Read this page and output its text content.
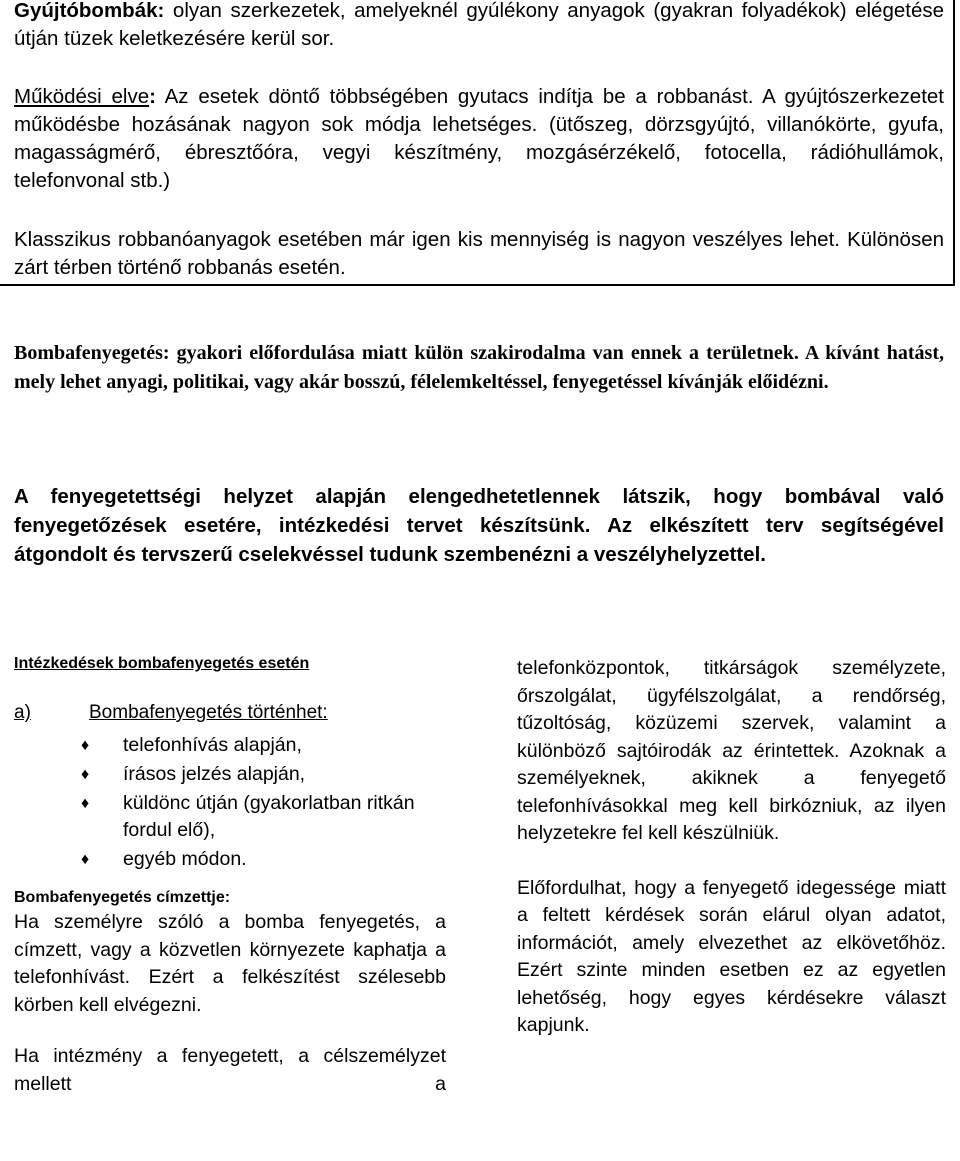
Gyújtóbombák: olyan szerkezetek, amelyeknél gyúlékony anyagok (gyakran folyadékok) elégetése útján tüzek keletkezésére kerül sor.

Működési elve: Az esetek döntő többségében gyutacs indítja be a robbanást. A gyújtószerkezetet működésbe hozásának nagyon sok módja lehetséges. (ütőszeg, dörzsgyújtó, villanókörte, gyufa, magasságmérő, ébresztőóra, vegyi készítmény, mozgásérzékelő, fotocella, rádióhullámok, telefonvonal stb.)

Klasszikus robbanóanyagok esetében már igen kis mennyiség is nagyon veszélyes lehet. Különösen zárt térben történő robbanás esetén.

Bombafenyegetés: gyakori előfordulása miatt külön szakirodalma van ennek a területnek. A kívánt hatást, mely lehet anyagi, politikai, vagy akár bosszú, félelemkeltéssel, fenyegetéssel kívánják előidézni.

A fenyegetettségi helyzet alapján elengedhetetlennek látszik, hogy bombával való fenyegetőzések esetére, intézkedési tervet készítsünk. Az elkészített terv segítségével átgondolt és tervszerű cselekvéssel tudunk szembenézni a veszélyhelyzettel.

Intézkedések bombafenyegetés esetén
a)	Bombafenyegetés történhet:
♦	telefonhívás alapján,
♦	írásos jelzés alapján,
♦	küldönc útján (gyakorlatban ritkán fordul elő),
♦	egyéb módon.
Bombafenyegetés címzettje:

Ha személyre szóló a bomba fenyegetés, a címzett, vagy a közvetlen környezete kaphatja a telefonhívást. Ezért a felkészítést szélesebb körben kell elvégezni.

Ha intézmény a fenyegetett, a célszemélyzet mellett a

telefonközpontok, titkárságok személyzete, őrszolgálat, ügyfélszolgálat, a rendőrség, tűzoltóság, közüzemi szervek, valamint a különböző sajtóirodák az érintettek. Azoknak a személyeknek, akiknek a fenyegető telefonhívásokkal meg kell birkózniuk, az ilyen helyzetekre fel kell készülniük.

Előfordulhat, hogy a fenyegető idegessége miatt a feltett kérdések során elárul olyan adatot, információt, amely elvezethet az elkövetőhöz. Ezért szinte minden esetben ez az egyetlen lehetőség, hogy egyes kérdésekre választ kapjunk.
